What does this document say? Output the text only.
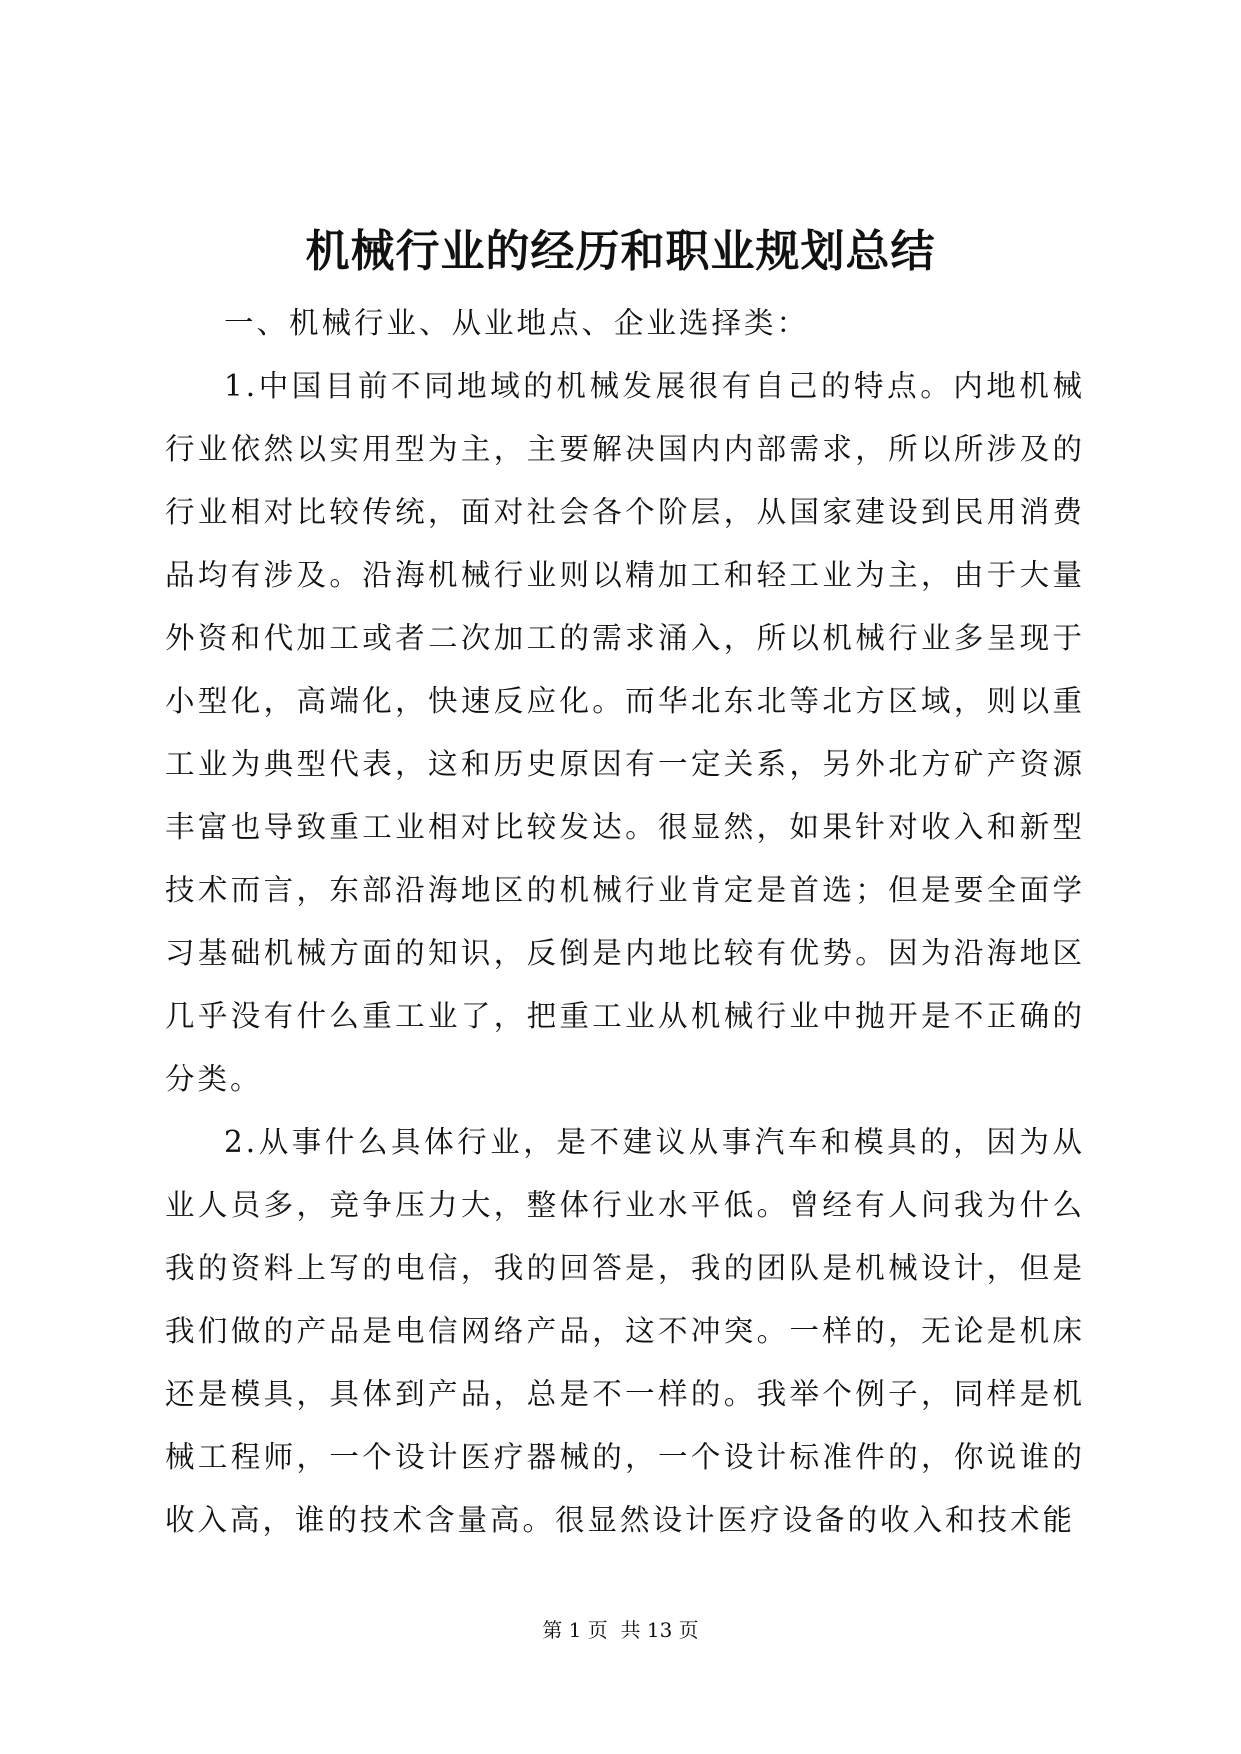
机械行业的经历和职业规划总结

一、机械行业、从业地点、企业选择类：

1.中国目前不同地域的机械发展很有自己的特点。内地机械行业依然以实用型为主，主要解决国内内部需求，所以所涉及的行业相对比较传统，面对社会各个阶层，从国家建设到民用消费品均有涉及。沿海机械行业则以精加工和轻工业为主，由于大量外资和代加工或者二次加工的需求涌入，所以机械行业多呈现于小型化，高端化，快速反应化。而华北东北等北方区域，则以重工业为典型代表，这和历史原因有一定关系，另外北方矿产资源丰富也导致重工业相对比较发达。很显然，如果针对收入和新型技术而言，东部沿海地区的机械行业肯定是首选；但是要全面学习基础机械方面的知识，反倒是内地比较有优势。因为沿海地区几乎没有什么重工业了，把重工业从机械行业中抛开是不正确的分类。

2.从事什么具体行业，是不建议从事汽车和模具的，因为从业人员多，竞争压力大，整体行业水平低。曾经有人问我为什么我的资料上写的电信，我的回答是，我的团队是机械设计，但是我们做的产品是电信网络产品，这不冲突。一样的，无论是机床还是模具，具体到产品，总是不一样的。我举个例子，同样是机械工程师，一个设计医疗器械的，一个设计标准件的，你说谁的收入高，谁的技术含量高。很显然设计医疗设备的收入和技术能

第 1 页  共 13 页
